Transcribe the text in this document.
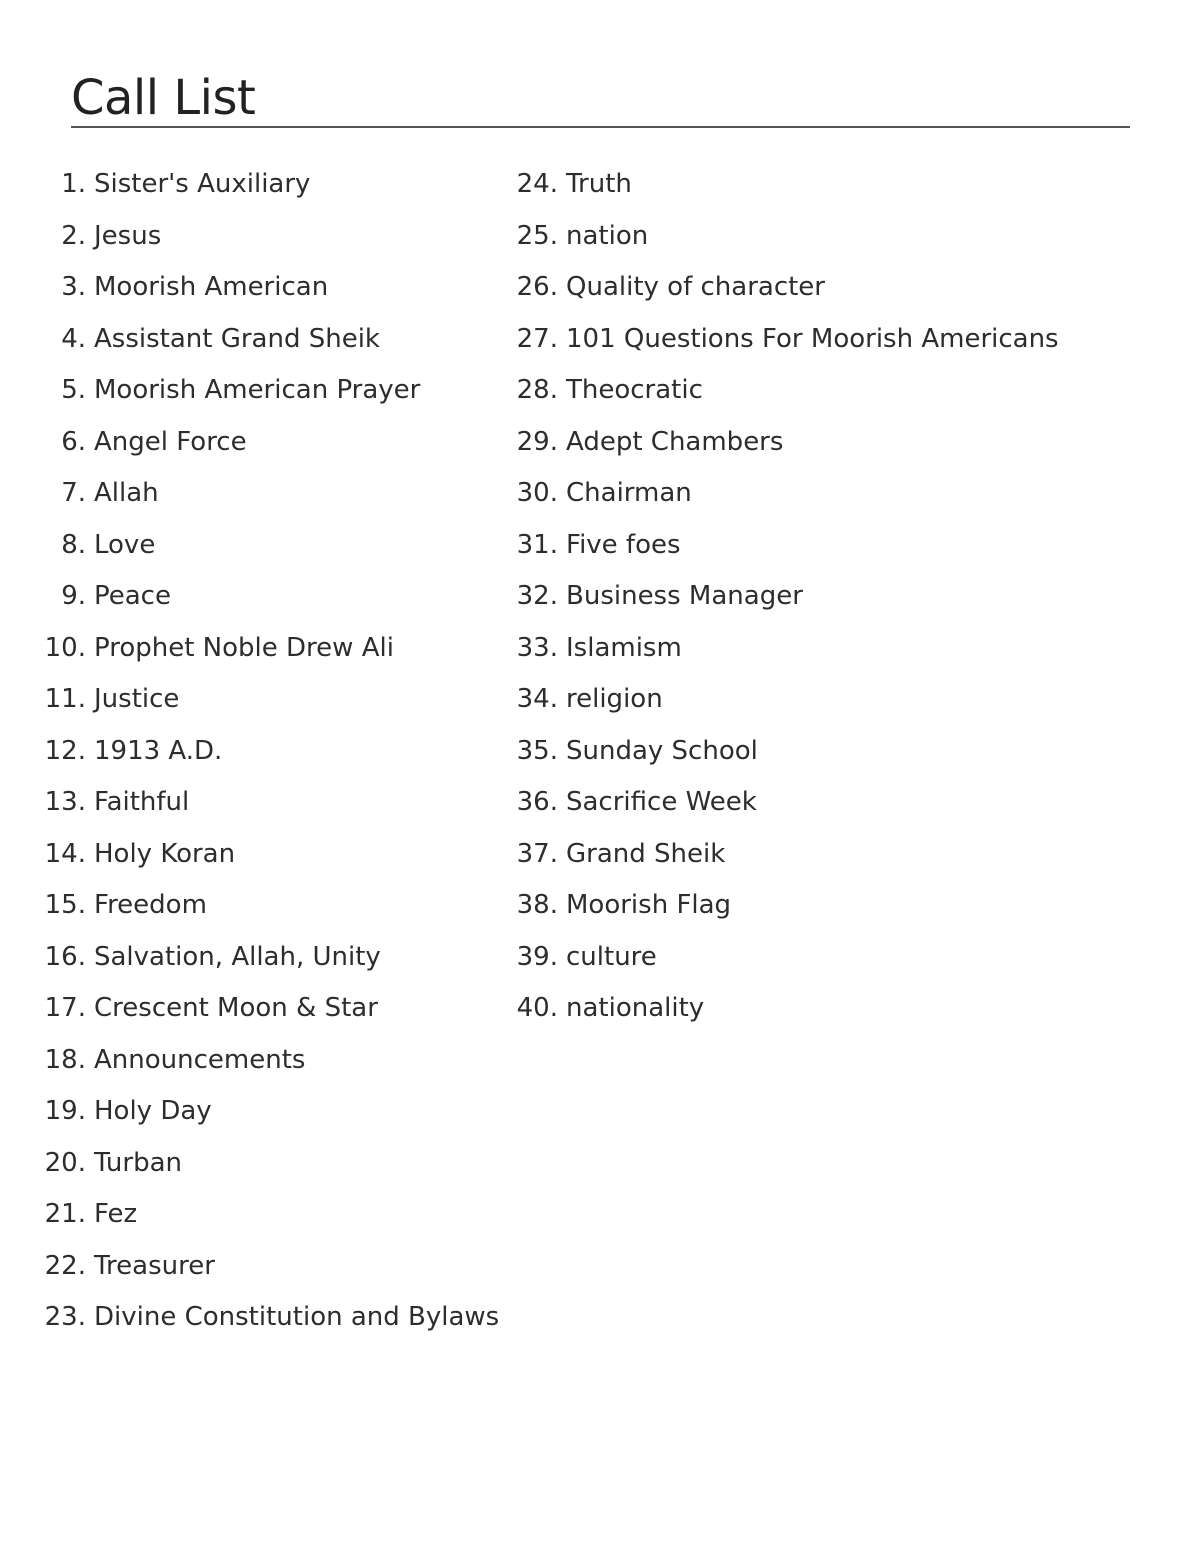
Call List
1. Sister's Auxiliary
2. Jesus
3. Moorish American
4. Assistant Grand Sheik
5. Moorish American Prayer
6. Angel Force
7. Allah
8. Love
9. Peace
10. Prophet Noble Drew Ali
11. Justice
12. 1913 A.D.
13. Faithful
14. Holy Koran
15. Freedom
16. Salvation, Allah, Unity
17. Crescent Moon & Star
18. Announcements
19. Holy Day
20. Turban
21. Fez
22. Treasurer
23. Divine Constitution and Bylaws
24. Truth
25. nation
26. Quality of character
27. 101 Questions For Moorish Americans
28. Theocratic
29. Adept Chambers
30. Chairman
31. Five foes
32. Business Manager
33. Islamism
34. religion
35. Sunday School
36. Sacrifice Week
37. Grand Sheik
38. Moorish Flag
39. culture
40. nationality
